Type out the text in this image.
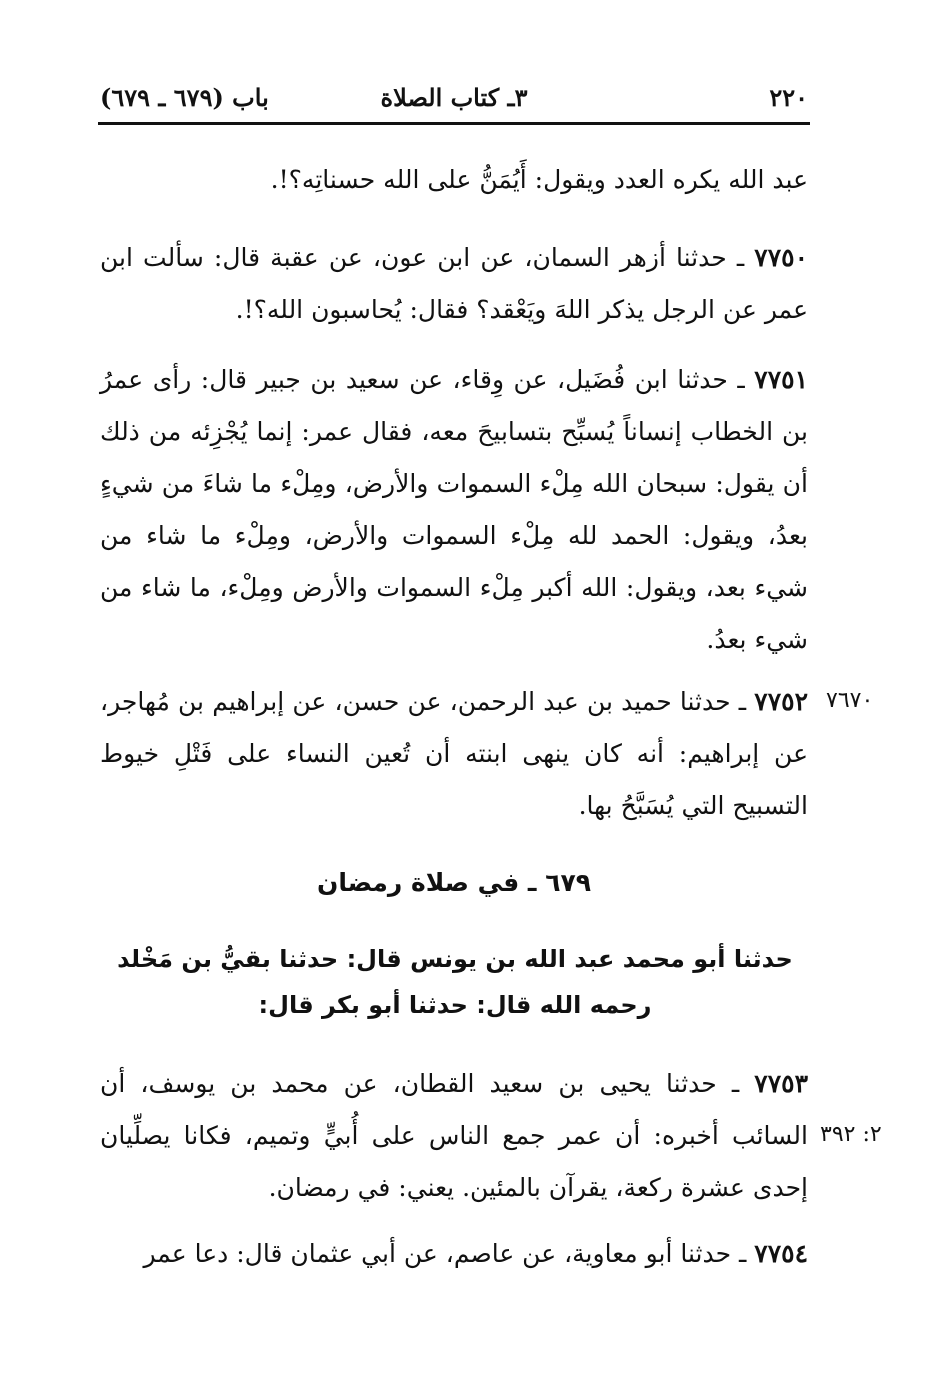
٢٢٠
٣ـ كتاب الصلاة
باب (٦٧٩ ـ ٦٧٩)
عبد الله يكره العدد ويقول: أَيُمَنُّ على الله حسناتِه؟!.
٧٧٥٠ ـ حدثنا أزهر السمان، عن ابن عون، عن عقبة قال: سألت ابن عمر عن الرجل يذكر اللهَ ويَعْقد؟ فقال: يُحاسبون الله؟!.
٧٧٥١ ـ حدثنا ابن فُضَيل، عن وِقاء، عن سعيد بن جبير قال: رأى عمرُ بن الخطاب إنساناً يُسبِّح بتسابيحَ معه، فقال عمر: إنما يُجْزِئه من ذلك أن يقول: سبحان الله مِلْء السموات والأرض، ومِلْء ما شاءَ من شيءٍ بعدُ، ويقول: الحمد لله مِلْء السموات والأرض، ومِلْء ما شاء من شيء بعد، ويقول: الله أكبر مِلْء السموات والأرض ومِلْء، ما شاء من شيء بعدُ.
٧٦٧٠
٧٧٥٢ ـ حدثنا حميد بن عبد الرحمن، عن حسن، عن إبراهيم بن مُهاجر، عن إبراهيم: أنه كان ينهى ابنته أن تُعين النساء على فَتْلِ خيوط التسبيح التي يُسَبَّحُ بها.
٦٧٩ ـ في صلاة رمضان
حدثنا أبو محمد عبد الله بن يونس قال: حدثنا بقيُّ بن مَخْلد رحمه الله قال: حدثنا أبو بكر قال:
٢: ٣٩٢
٧٧٥٣ ـ حدثنا يحيى بن سعيد القطان، عن محمد بن يوسف، أن السائب أخبره: أن عمر جمع الناس على أُبيٍّ وتميم، فكانا يصلِّيان إحدى عشرة ركعة، يقرآن بالمئين. يعني: في رمضان.
٧٧٥٤ ـ حدثنا أبو معاوية، عن عاصم، عن أبي عثمان قال: دعا عمر
